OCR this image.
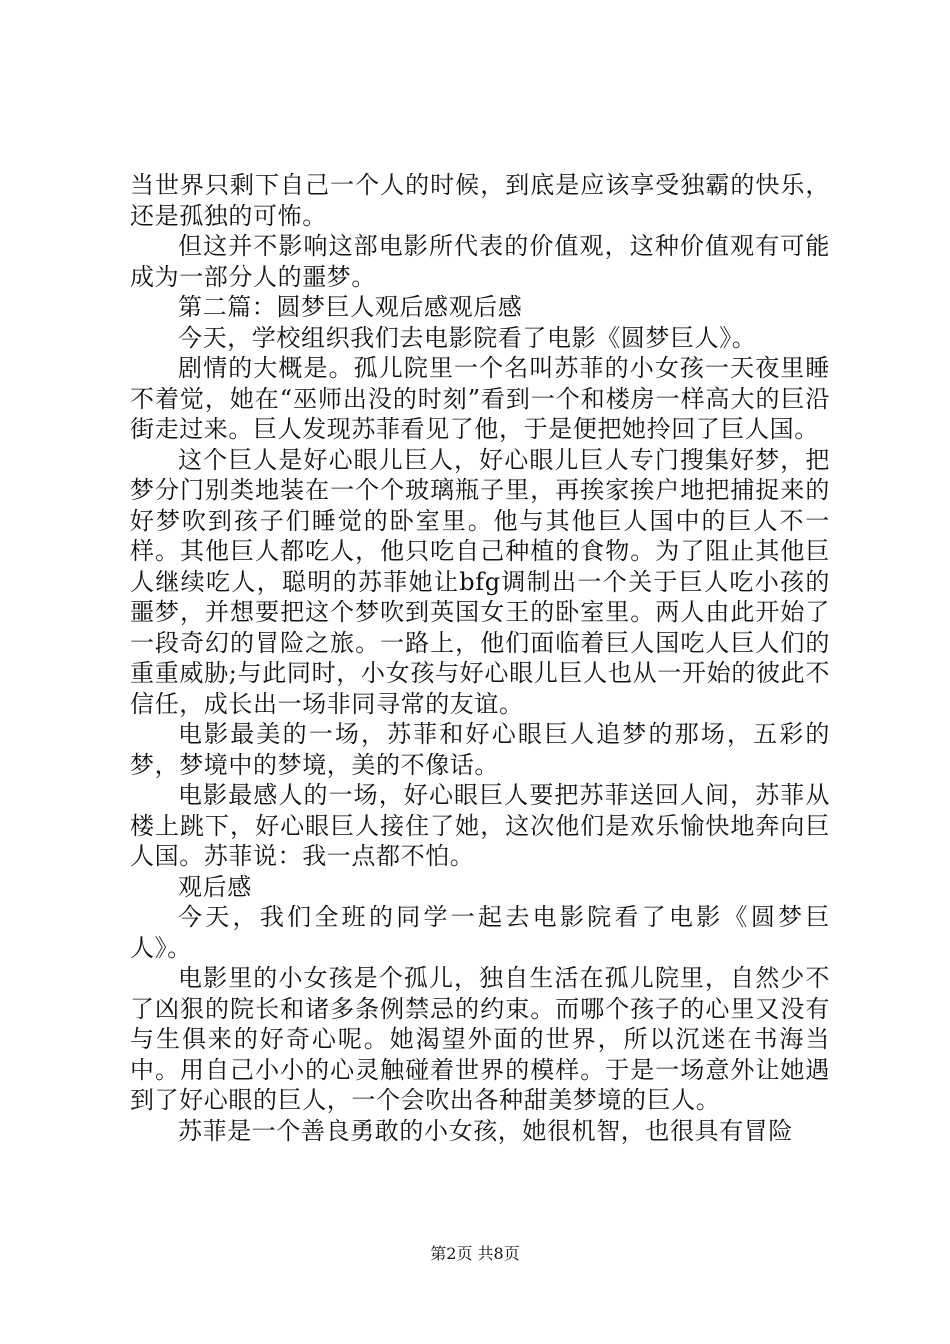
当世界只剩下自己一个人的时候，到底是应该享受独霸的快乐，还是孤独的可怖。

但这并不影响这部电影所代表的价值观，这种价值观有可能成为一部分人的噩梦。

第二篇：圆梦巨人观后感观后感

今天，学校组织我们去电影院看了电影《圆梦巨人》。

剧情的大概是。孤儿院里一个名叫苏菲的小女孩一天夜里睡不着觉，她在“巫师出没的时刻”看到一个和楼房一样高大的巨沿街走过来。巨人发现苏菲看见了他，于是便把她拎回了巨人国。

这个巨人是好心眼儿巨人，好心眼儿巨人专门搜集好梦，把梦分门别类地装在一个个玻璃瓶子里，再挨家挨户地把捕捉来的好梦吹到孩子们睡觉的卧室里。他与其他巨人国中的巨人不一样。其他巨人都吃人，他只吃自己种植的食物。为了阻止其他巨人继续吃人，聪明的苏菲她让bfg调制出一个关于巨人吃小孩的噩梦，并想要把这个梦吹到英国女王的卧室里。两人由此开始了一段奇幻的冒险之旅。一路上，他们面临着巨人国吃人巨人们的重重威胁;与此同时，小女孩与好心眼儿巨人也从一开始的彼此不信任，成长出一场非同寻常的友谊。

电影最美的一场，苏菲和好心眼巨人追梦的那场，五彩的梦，梦境中的梦境，美的不像话。

电影最感人的一场，好心眼巨人要把苏菲送回人间，苏菲从楼上跳下，好心眼巨人接住了她，这次他们是欢乐愉快地奔向巨人国。苏菲说：我一点都不怕。

观后感

今天，我们全班的同学一起去电影院看了电影《圆梦巨人》。

电影里的小女孩是个孤儿，独自生活在孤儿院里，自然少不了凶狠的院长和诸多条例禁忌的约束。而哪个孩子的心里又没有与生俱来的好奇心呢。她渴望外面的世界，所以沉迷在书海当中。用自己小小的心灵触碰着世界的模样。于是一场意外让她遇到了好心眼的巨人，一个会吹出各种甜美梦境的巨人。

苏菲是一个善良勇敢的小女孩，她很机智，也很具有冒险

第2页 共8页
